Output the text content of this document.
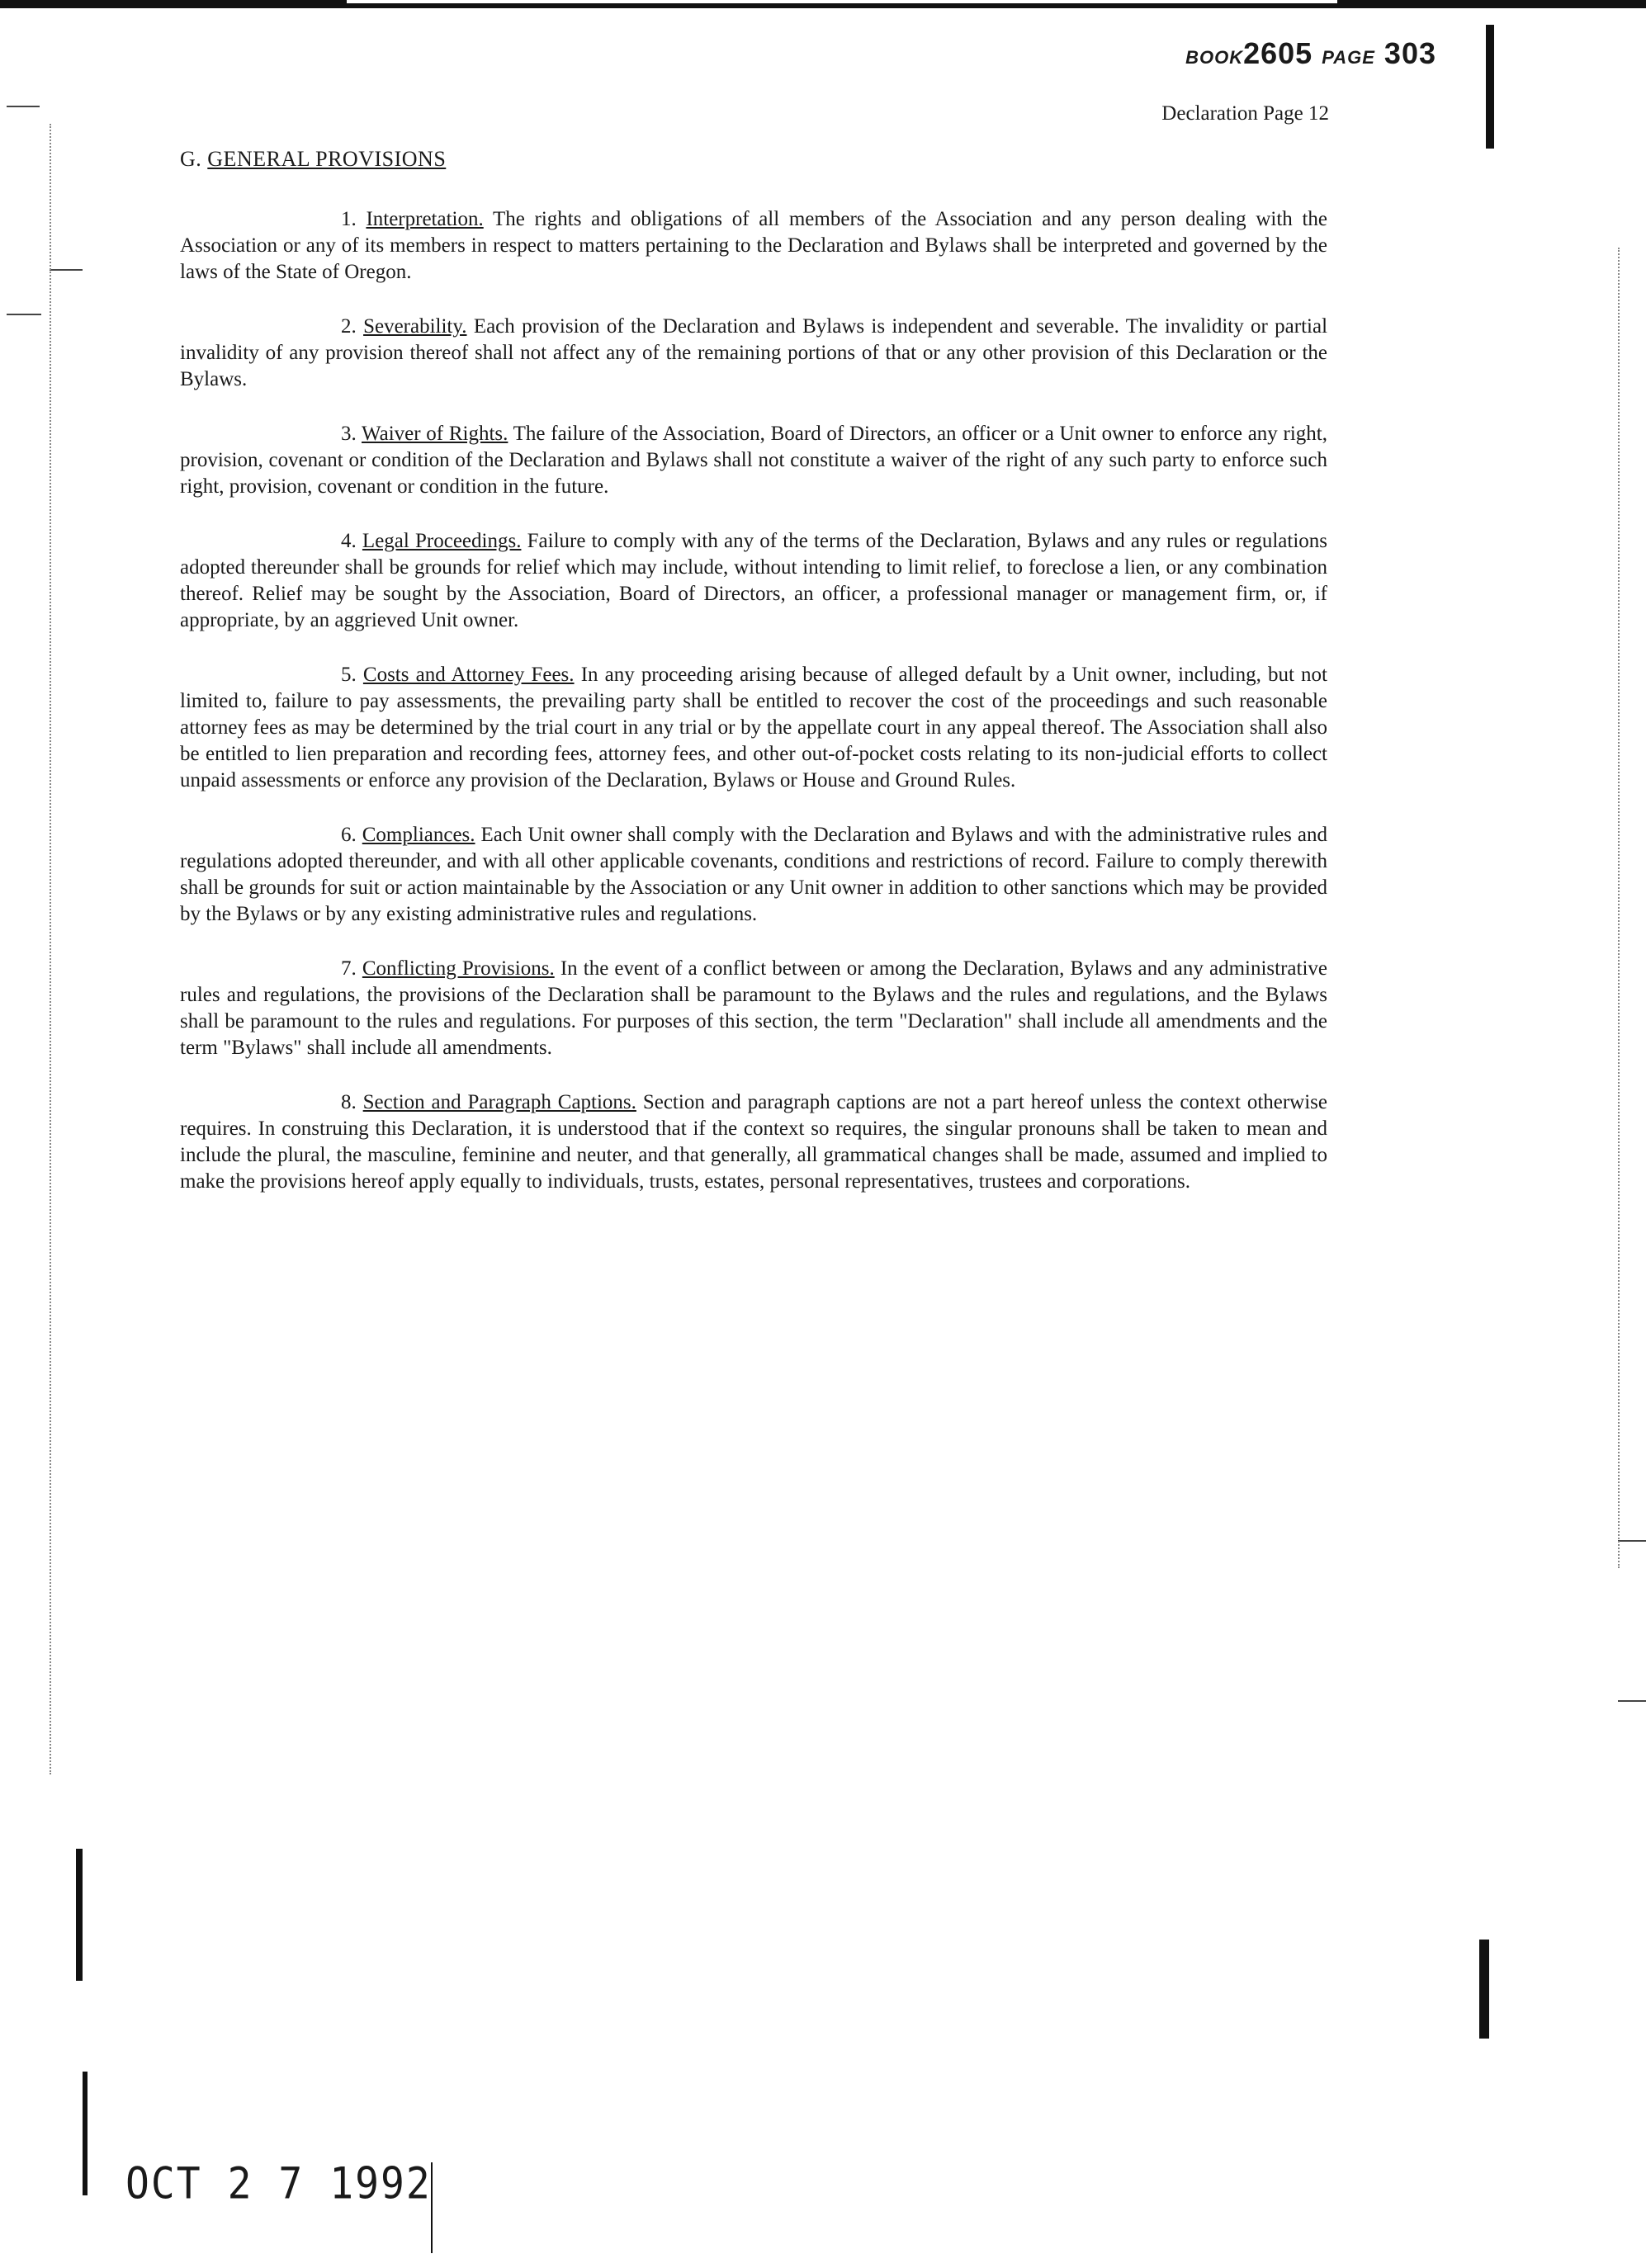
BOOK2605 PAGE 303
Declaration Page 12
G. GENERAL PROVISIONS

1. Interpretation. The rights and obligations of all members of the Association and any person dealing with the Association or any of its members in respect to matters pertaining to the Declaration and Bylaws shall be interpreted and governed by the laws of the State of Oregon.

2. Severability. Each provision of the Declaration and Bylaws is independent and severable. The invalidity or partial invalidity of any provision thereof shall not affect any of the remaining portions of that or any other provision of this Declaration or the Bylaws.

3. Waiver of Rights. The failure of the Association, Board of Directors, an officer or a Unit owner to enforce any right, provision, covenant or condition of the Declaration and Bylaws shall not constitute a waiver of the right of any such party to enforce such right, provision, covenant or condition in the future.

4. Legal Proceedings. Failure to comply with any of the terms of the Declaration, Bylaws and any rules or regulations adopted thereunder shall be grounds for relief which may include, without intending to limit relief, to foreclose a lien, or any combination thereof. Relief may be sought by the Association, Board of Directors, an officer, a professional manager or management firm, or, if appropriate, by an aggrieved Unit owner.

5. Costs and Attorney Fees. In any proceeding arising because of alleged default by a Unit owner, including, but not limited to, failure to pay assessments, the prevailing party shall be entitled to recover the cost of the proceedings and such reasonable attorney fees as may be determined by the trial court in any trial or by the appellate court in any appeal thereof. The Association shall also be entitled to lien preparation and recording fees, attorney fees, and other out-of-pocket costs relating to its non-judicial efforts to collect unpaid assessments or enforce any provision of the Declaration, Bylaws or House and Ground Rules.

6. Compliances. Each Unit owner shall comply with the Declaration and Bylaws and with the administrative rules and regulations adopted thereunder, and with all other applicable covenants, conditions and restrictions of record. Failure to comply therewith shall be grounds for suit or action maintainable by the Association or any Unit owner in addition to other sanctions which may be provided by the Bylaws or by any existing administrative rules and regulations.

7. Conflicting Provisions. In the event of a conflict between or among the Declaration, Bylaws and any administrative rules and regulations, the provisions of the Declaration shall be paramount to the Bylaws and the rules and regulations, and the Bylaws shall be paramount to the rules and regulations. For purposes of this section, the term "Declaration" shall include all amendments and the term "Bylaws" shall include all amendments.

8. Section and Paragraph Captions. Section and paragraph captions are not a part hereof unless the context otherwise requires. In construing this Declaration, it is understood that if the context so requires, the singular pronouns shall be taken to mean and include the plural, the masculine, feminine and neuter, and that generally, all grammatical changes shall be made, assumed and implied to make the provisions hereof apply equally to individuals, trusts, estates, personal representatives, trustees and corporations.

OCT 2 7 1992
